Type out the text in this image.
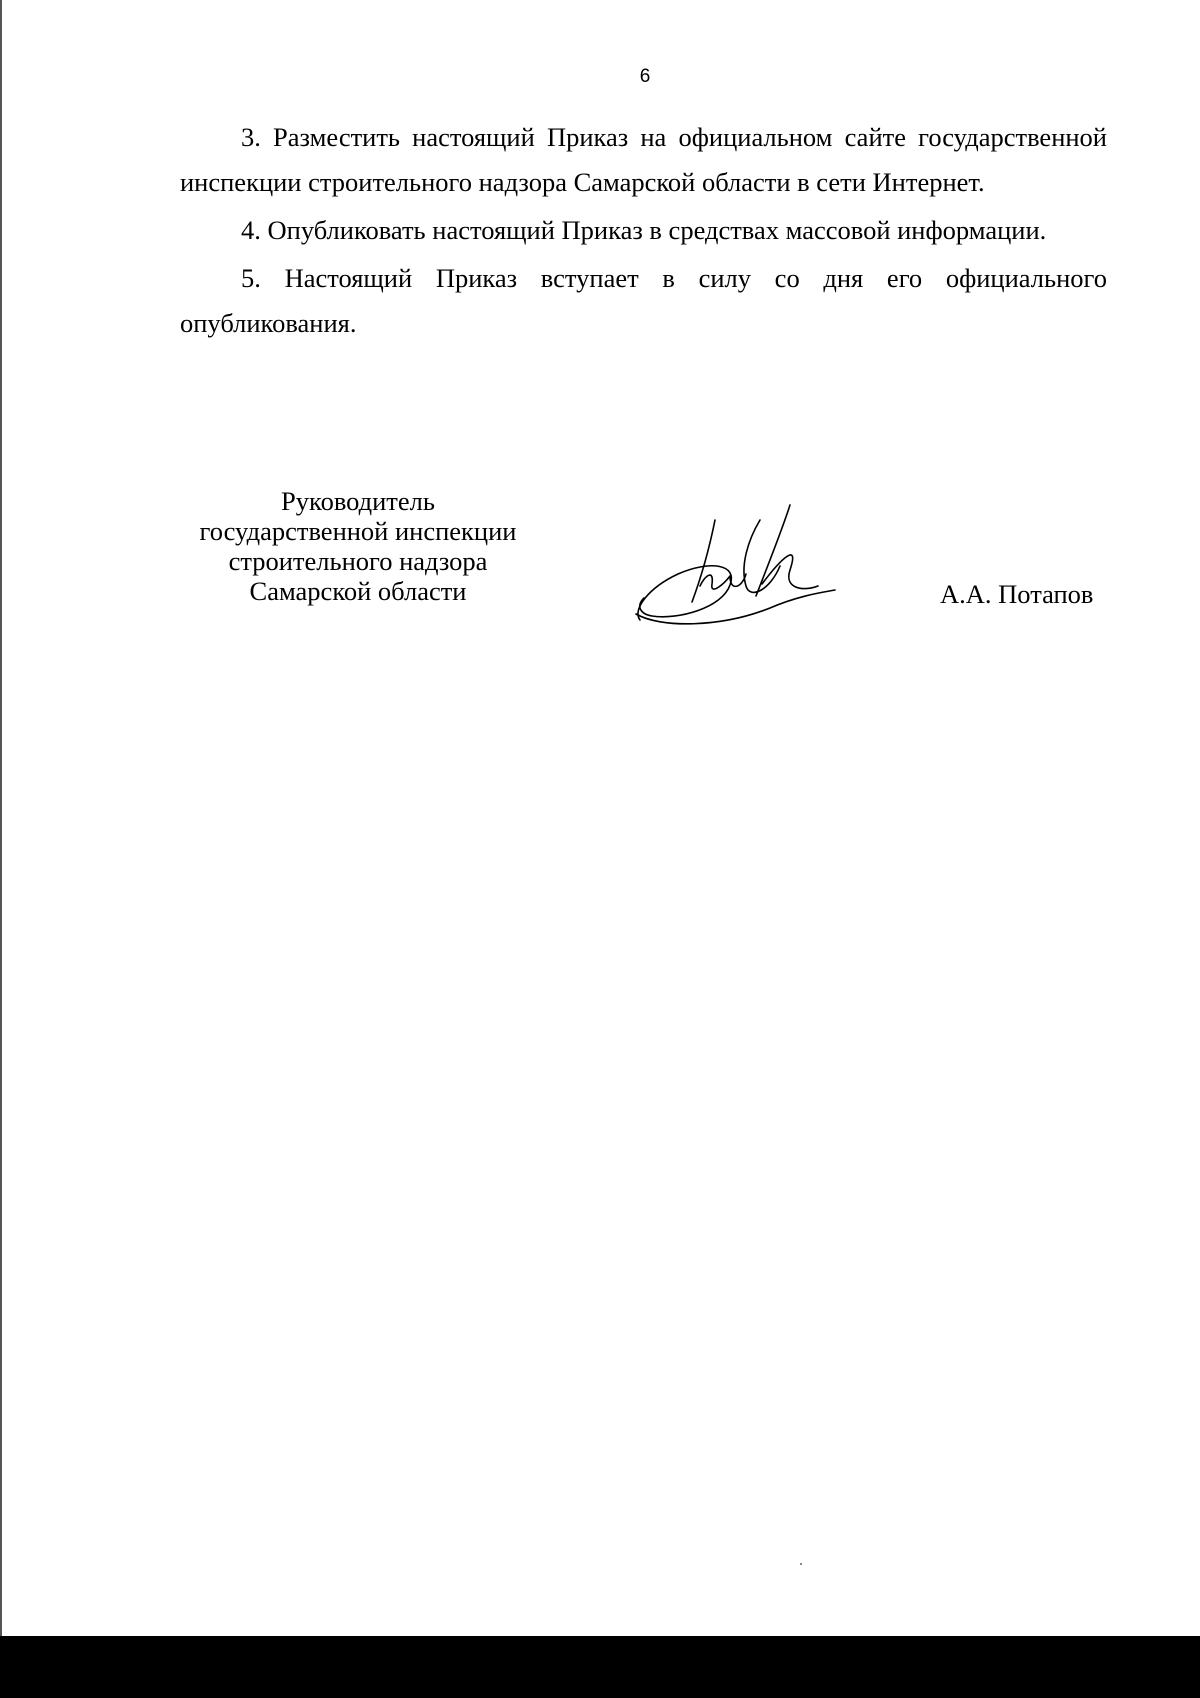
6

3. Разместить настоящий Приказ на официальном сайте государственной инспекции строительного надзора Самарской области в сети Интернет.

4. Опубликовать настоящий Приказ в средствах массовой информации.

5. Настоящий Приказ вступает в силу со дня его официального опубликования.

Руководитель
государственной инспекции
строительного надзора
Самарской области	А.А. Потапов
